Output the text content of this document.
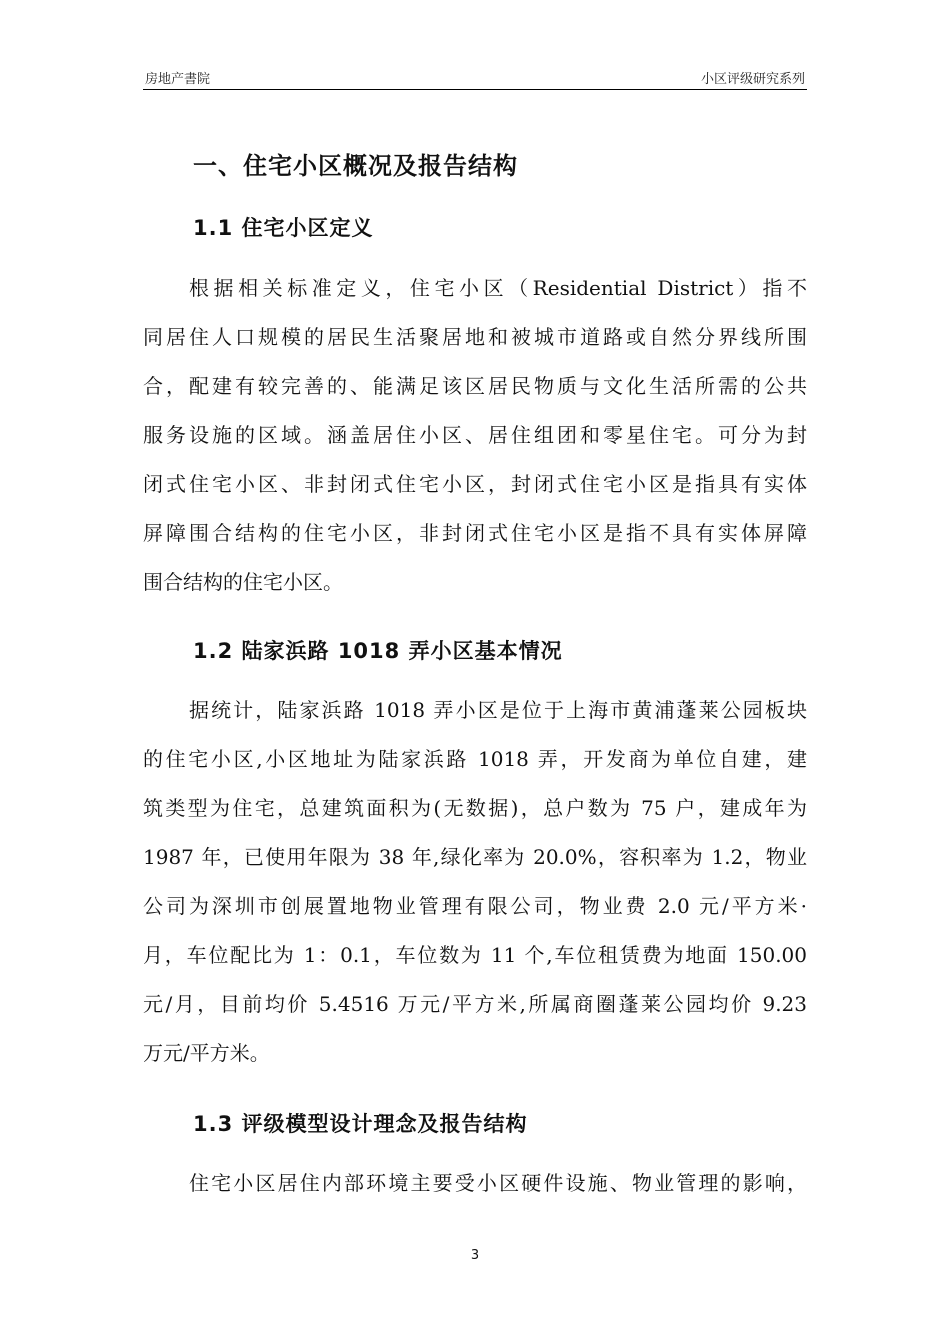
房地产書院	小区评级研究系列
一、住宅小区概况及报告结构
1.1 住宅小区定义
根据相关标准定义，住宅小区（Residential District）指不
同居住人口规模的居民生活聚居地和被城市道路或自然分界线所围
合，配建有较完善的、能满足该区居民物质与文化生活所需的公共
服务设施的区域。涵盖居住小区、居住组团和零星住宅。可分为封
闭式住宅小区、非封闭式住宅小区，封闭式住宅小区是指具有实体
屏障围合结构的住宅小区，非封闭式住宅小区是指不具有实体屏障
围合结构的住宅小区。
1.2 陆家浜路 1018 弄小区基本情况
据统计，陆家浜路 1018 弄小区是位于上海市黄浦蓬莱公园板块
的住宅小区,小区地址为陆家浜路 1018 弄，开发商为单位自建，建
筑类型为住宅，总建筑面积为(无数据)，总户数为 75 户，建成年为
1987 年，已使用年限为 38 年,绿化率为 20.0%，容积率为 1.2，物业
公司为深圳市创展置地物业管理有限公司，物业费 2.0 元/平方米·
月，车位配比为 1：0.1，车位数为 11 个,车位租赁费为地面 150.00
元/月，目前均价 5.4516 万元/平方米,所属商圈蓬莱公园均价 9.23
万元/平方米。
1.3 评级模型设计理念及报告结构
住宅小区居住内部环境主要受小区硬件设施、物业管理的影响，
3
